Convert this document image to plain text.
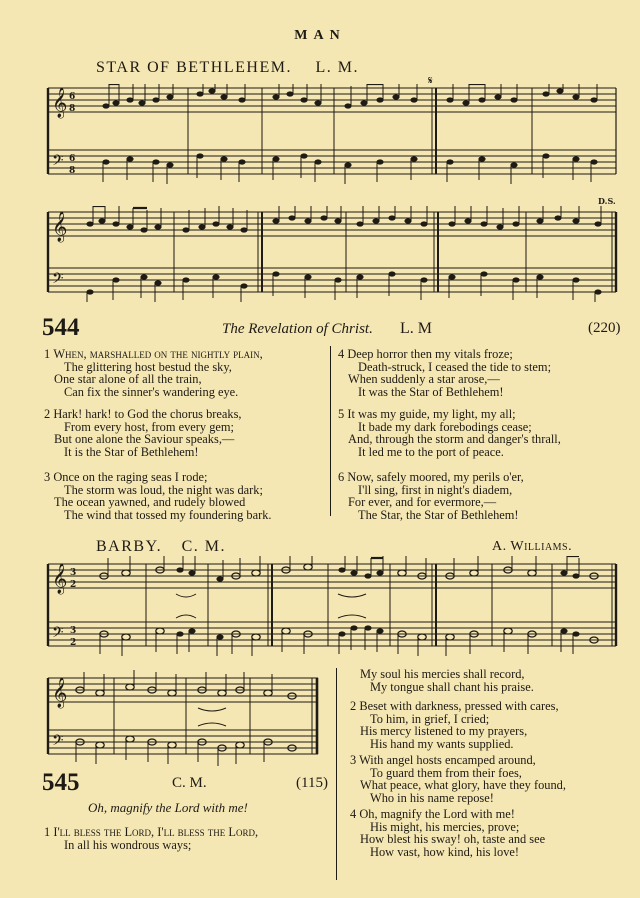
MAN
STAR OF BETHLEHEM. L. M.
𝄋
D.S.
𝄞
𝄢
6
8
6
8
𝄞
𝄢
544	The Revelation of Christ. L. M	(220)
1 When, marshalled on the nightly plain,
The glittering host bestud the sky,
One star alone of all the train,
Can fix the sinner's wandering eye.
2 Hark! hark! to God the chorus breaks,
From every host, from every gem;
But one alone the Saviour speaks,—
It is the Star of Bethlehem!
3 Once on the raging seas I rode;
The storm was loud, the night was dark;
The ocean yawned, and rudely blowed
The wind that tossed my foundering bark.
4 Deep horror then my vitals froze;
Death-struck, I ceased the tide to stem;
When suddenly a star arose,—
It was the Star of Bethlehem!
5 It was my guide, my light, my all;
It bade my dark forebodings cease;
And, through the storm and danger's thrall,
It led me to the port of peace.
6 Now, safely moored, my perils o'er,
I'll sing, first in night's diadem,
For ever, and for evermore,—
The Star, the Star of Bethlehem!
BARBY. C. M.	A. Williams.
𝄞
𝄢
3
2
3
2
𝄞
𝄢
545	C. M.	(115)
Oh, magnify the Lord with me!
1 I'll bless the Lord, I'll bless the Lord,
In all his wondrous ways;
My soul his mercies shall record,
My tongue shall chant his praise.
2 Beset with darkness, pressed with cares,
To him, in grief, I cried;
His mercy listened to my prayers,
His hand my wants supplied.
3 With angel hosts encamped around,
To guard them from their foes,
What peace, what glory, have they found,
Who in his name repose!
4 Oh, magnify the Lord with me!
His might, his mercies, prove;
How blest his sway! oh, taste and see
How vast, how kind, his love!
